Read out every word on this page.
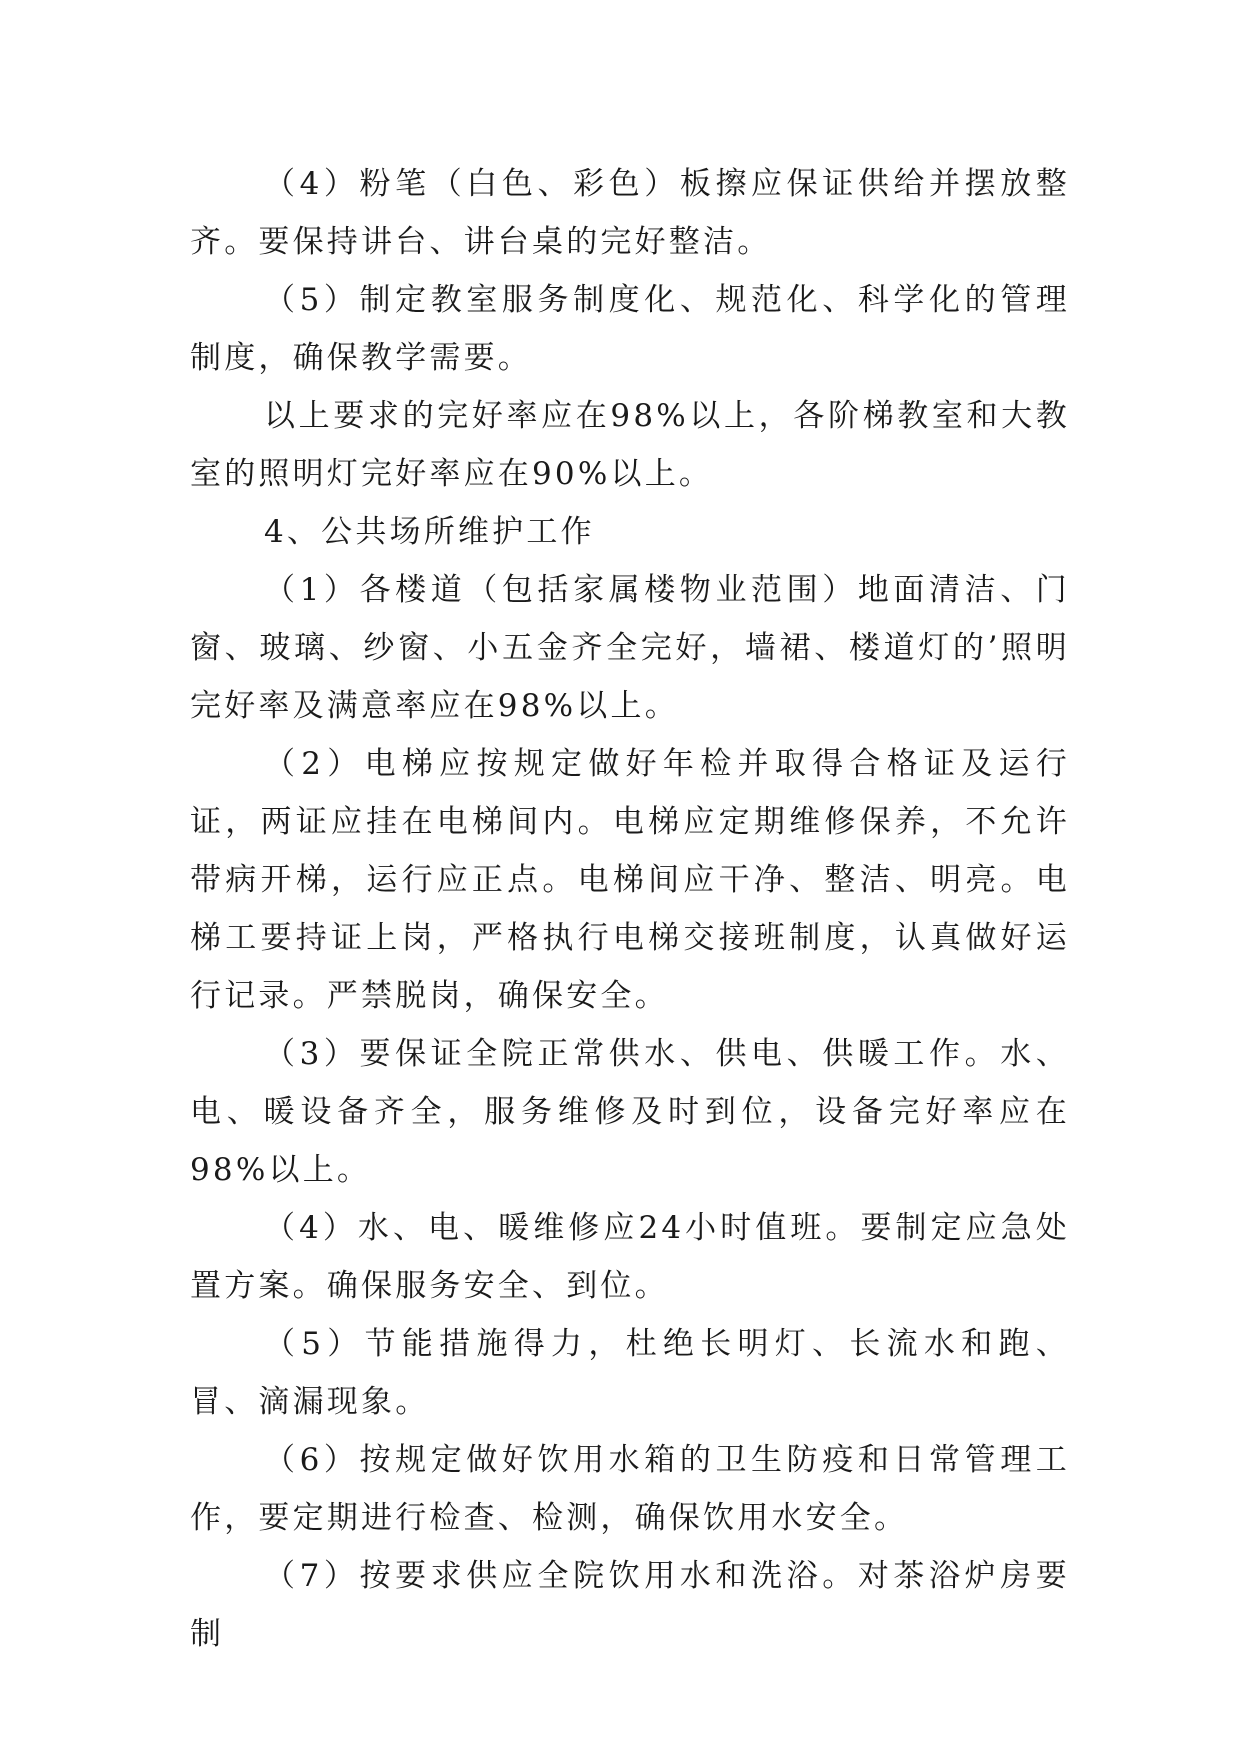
（4）粉笔（白色、彩色）板擦应保证供给并摆放整齐。要保持讲台、讲台桌的完好整洁。

（5）制定教室服务制度化、规范化、科学化的管理制度，确保教学需要。

以上要求的完好率应在98%以上，各阶梯教室和大教室的照明灯完好率应在90%以上。

4、公共场所维护工作

（1）各楼道（包括家属楼物业范围）地面清洁、门窗、玻璃、纱窗、小五金齐全完好，墙裙、楼道灯的’照明完好率及满意率应在98%以上。

（2）电梯应按规定做好年检并取得合格证及运行证，两证应挂在电梯间内。电梯应定期维修保养，不允许带病开梯，运行应正点。电梯间应干净、整洁、明亮。电梯工要持证上岗，严格执行电梯交接班制度，认真做好运行记录。严禁脱岗，确保安全。

（3）要保证全院正常供水、供电、供暖工作。水、电、暖设备齐全，服务维修及时到位，设备完好率应在98%以上。

（4）水、电、暖维修应24小时值班。要制定应急处置方案。确保服务安全、到位。

（5）节能措施得力，杜绝长明灯、长流水和跑、冒、滴漏现象。

（6）按规定做好饮用水箱的卫生防疫和日常管理工作，要定期进行检查、检测，确保饮用水安全。

（7）按要求供应全院饮用水和洗浴。对茶浴炉房要制
